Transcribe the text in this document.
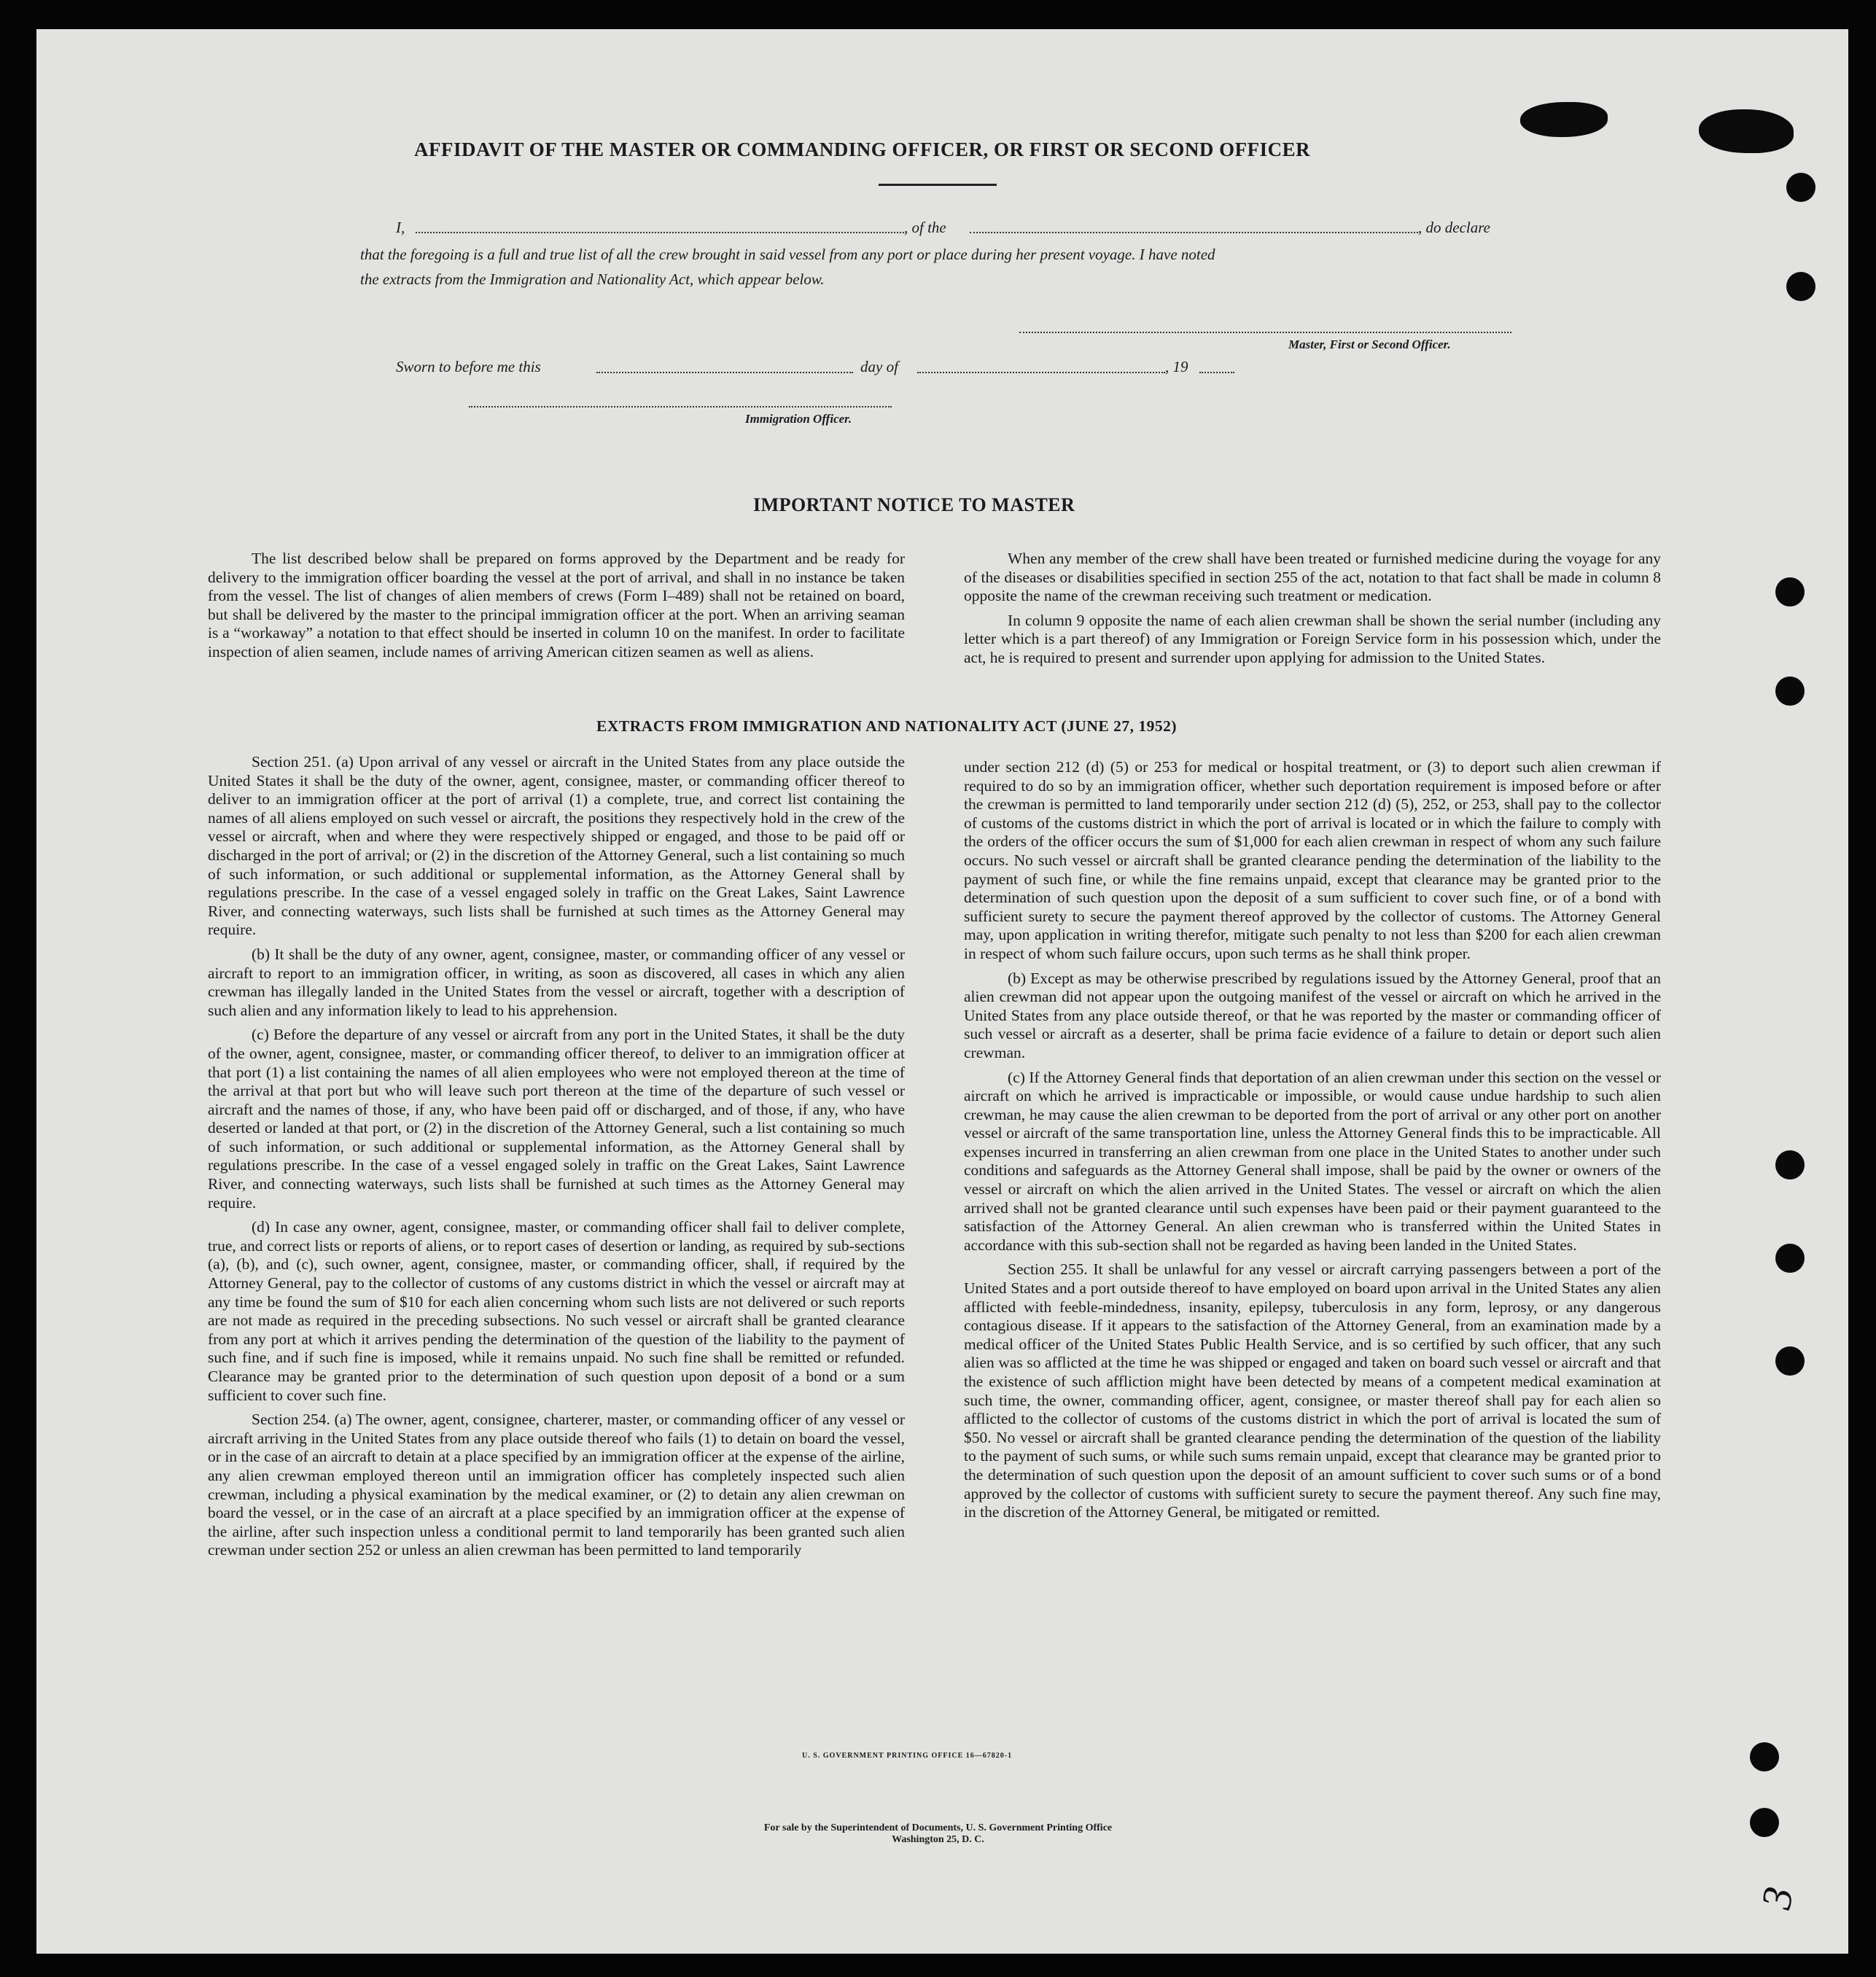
AFFIDAVIT OF THE MASTER OR COMMANDING OFFICER, OR FIRST OR SECOND OFFICER
I,	, of the	, do declare
that the foregoing is a full and true list of all the crew brought in said vessel from any port or place during her present voyage. I have noted
the extracts from the Immigration and Nationality Act, which appear below.
Master, First or Second Officer.
Sworn to before me this	day of	, 19
Immigration Officer.
IMPORTANT NOTICE TO MASTER

The list described below shall be prepared on forms approved by the Department and be ready for delivery to the immigration officer boarding the vessel at the port of arrival, and shall in no instance be taken from the vessel. The list of changes of alien members of crews (Form I–489) shall not be retained on board, but shall be delivered by the master to the principal immigration officer at the port. When an arriving seaman is a “workaway” a notation to that effect should be inserted in column 10 on the manifest. In order to facilitate inspection of alien seamen, include names of arriving American citizen seamen as well as aliens.

When any member of the crew shall have been treated or furnished medicine during the voyage for any of the diseases or disabilities specified in section 255 of the act, notation to that fact shall be made in column 8 opposite the name of the crewman receiving such treatment or medication.

In column 9 opposite the name of each alien crewman shall be shown the serial number (including any letter which is a part thereof) of any Immigration or Foreign Service form in his possession which, under the act, he is required to present and surrender upon applying for admission to the United States.

EXTRACTS FROM IMMIGRATION AND NATIONALITY ACT (JUNE 27, 1952)

Section 251. (a) Upon arrival of any vessel or aircraft in the United States from any place outside the United States it shall be the duty of the owner, agent, consignee, master, or commanding officer thereof to deliver to an immigration officer at the port of arrival (1) a complete, true, and correct list containing the names of all aliens employed on such vessel or aircraft, the positions they respectively hold in the crew of the vessel or aircraft, when and where they were respectively shipped or engaged, and those to be paid off or discharged in the port of arrival; or (2) in the discretion of the Attorney General, such a list containing so much of such information, or such additional or supplemental information, as the Attorney General shall by regulations prescribe. In the case of a vessel engaged solely in traffic on the Great Lakes, Saint Lawrence River, and connecting waterways, such lists shall be furnished at such times as the Attorney General may require.

(b) It shall be the duty of any owner, agent, consignee, master, or commanding officer of any vessel or aircraft to report to an immigration officer, in writing, as soon as discovered, all cases in which any alien crewman has illegally landed in the United States from the vessel or aircraft, together with a description of such alien and any information likely to lead to his apprehension.

(c) Before the departure of any vessel or aircraft from any port in the United States, it shall be the duty of the owner, agent, consignee, master, or commanding officer thereof, to deliver to an immigration officer at that port (1) a list containing the names of all alien employees who were not employed thereon at the time of the arrival at that port but who will leave such port thereon at the time of the departure of such vessel or aircraft and the names of those, if any, who have been paid off or discharged, and of those, if any, who have deserted or landed at that port, or (2) in the discretion of the Attorney General, such a list containing so much of such information, or such additional or supplemental information, as the Attorney General shall by regulations prescribe. In the case of a vessel engaged solely in traffic on the Great Lakes, Saint Lawrence River, and connecting waterways, such lists shall be furnished at such times as the Attorney General may require.

(d) In case any owner, agent, consignee, master, or commanding officer shall fail to deliver complete, true, and correct lists or reports of aliens, or to report cases of desertion or landing, as required by sub-sections (a), (b), and (c), such owner, agent, consignee, master, or commanding officer, shall, if required by the Attorney General, pay to the collector of customs of any customs district in which the vessel or aircraft may at any time be found the sum of $10 for each alien concerning whom such lists are not delivered or such reports are not made as required in the preceding subsections. No such vessel or aircraft shall be granted clearance from any port at which it arrives pending the determination of the question of the liability to the payment of such fine, and if such fine is imposed, while it remains unpaid. No such fine shall be remitted or refunded. Clearance may be granted prior to the determination of such question upon deposit of a bond or a sum sufficient to cover such fine.

Section 254. (a) The owner, agent, consignee, charterer, master, or commanding officer of any vessel or aircraft arriving in the United States from any place outside thereof who fails (1) to detain on board the vessel, or in the case of an aircraft to detain at a place specified by an immigration officer at the expense of the airline, any alien crewman employed thereon until an immigration officer has completely inspected such alien crewman, including a physical examination by the medical examiner, or (2) to detain any alien crewman on board the vessel, or in the case of an aircraft at a place specified by an immigration officer at the expense of the airline, after such inspection unless a conditional permit to land temporarily has been granted such alien crewman under section 252 or unless an alien crewman has been permitted to land temporarily

under section 212 (d) (5) or 253 for medical or hospital treatment, or (3) to deport such alien crewman if required to do so by an immigration officer, whether such deportation requirement is imposed before or after the crewman is permitted to land temporarily under section 212 (d) (5), 252, or 253, shall pay to the collector of customs of the customs district in which the port of arrival is located or in which the failure to comply with the orders of the officer occurs the sum of $1,000 for each alien crewman in respect of whom any such failure occurs. No such vessel or aircraft shall be granted clearance pending the determination of the liability to the payment of such fine, or while the fine remains unpaid, except that clearance may be granted prior to the determination of such question upon the deposit of a sum sufficient to cover such fine, or of a bond with sufficient surety to secure the payment thereof approved by the collector of customs. The Attorney General may, upon application in writing therefor, mitigate such penalty to not less than $200 for each alien crewman in respect of whom such failure occurs, upon such terms as he shall think proper.

(b) Except as may be otherwise prescribed by regulations issued by the Attorney General, proof that an alien crewman did not appear upon the outgoing manifest of the vessel or aircraft on which he arrived in the United States from any place outside thereof, or that he was reported by the master or commanding officer of such vessel or aircraft as a deserter, shall be prima facie evidence of a failure to detain or deport such alien crewman.

(c) If the Attorney General finds that deportation of an alien crewman under this section on the vessel or aircraft on which he arrived is impracticable or impossible, or would cause undue hardship to such alien crewman, he may cause the alien crewman to be deported from the port of arrival or any other port on another vessel or aircraft of the same transportation line, unless the Attorney General finds this to be impracticable. All expenses incurred in transferring an alien crewman from one place in the United States to another under such conditions and safeguards as the Attorney General shall impose, shall be paid by the owner or owners of the vessel or aircraft on which the alien arrived in the United States. The vessel or aircraft on which the alien arrived shall not be granted clearance until such expenses have been paid or their payment guaranteed to the satisfaction of the Attorney General. An alien crewman who is transferred within the United States in accordance with this sub-section shall not be regarded as having been landed in the United States.

Section 255. It shall be unlawful for any vessel or aircraft carrying passengers between a port of the United States and a port outside thereof to have employed on board upon arrival in the United States any alien afflicted with feeble-mindedness, insanity, epilepsy, tuberculosis in any form, leprosy, or any dangerous contagious disease. If it appears to the satisfaction of the Attorney General, from an examination made by a medical officer of the United States Public Health Service, and is so certified by such officer, that any such alien was so afflicted at the time he was shipped or engaged and taken on board such vessel or aircraft and that the existence of such affliction might have been detected by means of a competent medical examination at such time, the owner, commanding officer, agent, consignee, or master thereof shall pay for each alien so afflicted to the collector of customs of the customs district in which the port of arrival is located the sum of $50. No vessel or aircraft shall be granted clearance pending the determination of the question of the liability to the payment of such sums, or while such sums remain unpaid, except that clearance may be granted prior to the determination of such question upon the deposit of an amount sufficient to cover such sums or of a bond approved by the collector of customs with sufficient surety to secure the payment thereof. Any such fine may, in the discretion of the Attorney General, be mitigated or remitted.

U. S. GOVERNMENT PRINTING OFFICE 16—67820-1
For sale by the Superintendent of Documents, U. S. Government Printing Office
Washington 25, D. C.
3
